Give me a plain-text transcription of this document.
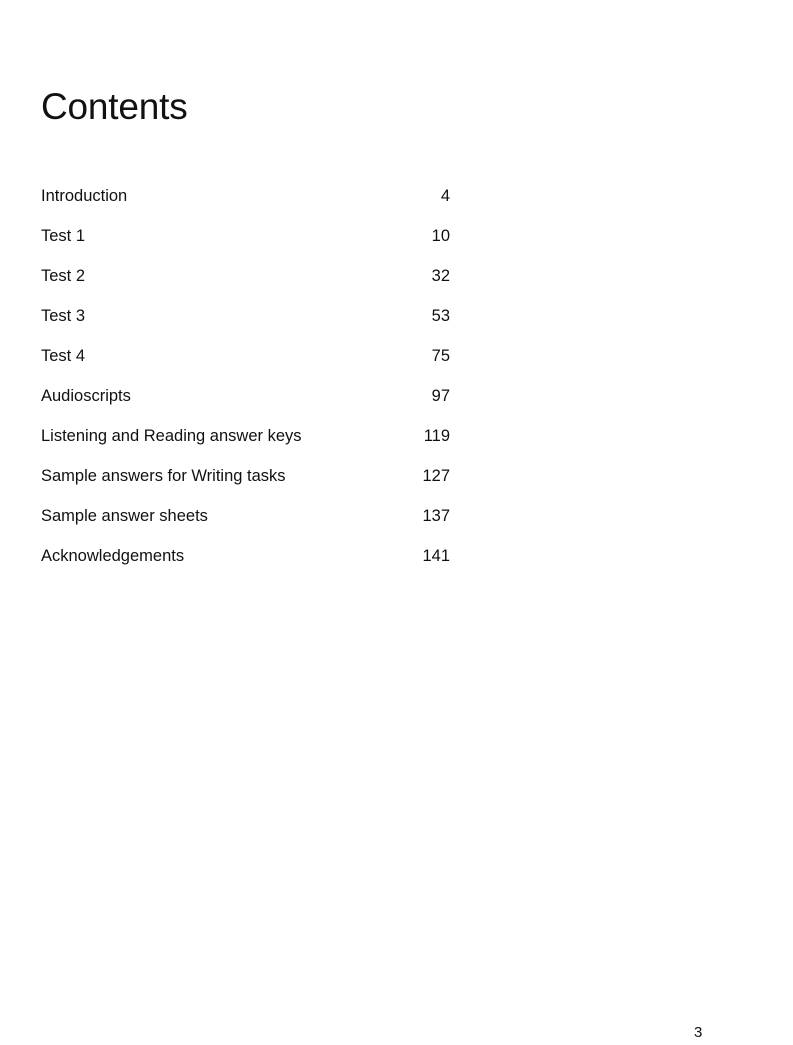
Contents
Introduction	4
Test 1	10
Test 2	32
Test 3	53
Test 4	75
Audioscripts	97
Listening and Reading answer keys	119
Sample answers for Writing tasks	127
Sample answer sheets	137
Acknowledgements	141
3
